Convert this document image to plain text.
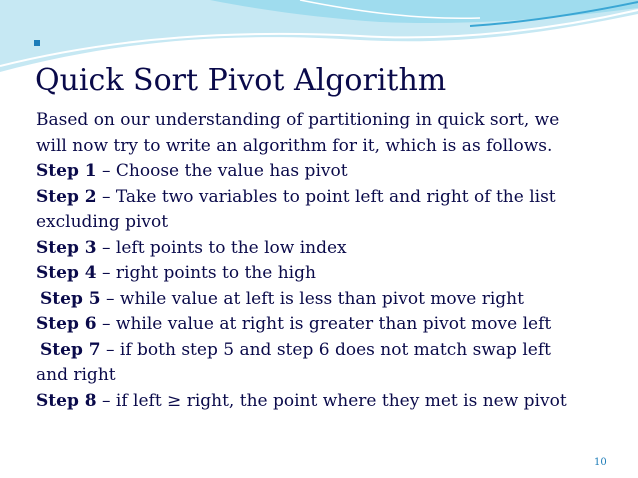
Quick Sort Pivot Algorithm
Based on our understanding of partitioning in quick sort, we
will now try to write an algorithm for it, which is as follows.
Step 1 – Choose the value has pivot
Step 2 – Take two variables to point left and right of the list
excluding pivot
Step 3 – left points to the low index
Step 4 – right points to the high
Step 5 – while value at left is less than pivot move right
Step 6 – while value at right is greater than pivot move left
Step 7 – if both step 5 and step 6 does not match swap left
and right
Step 8 – if left ≥ right, the point where they met is new pivot
10
